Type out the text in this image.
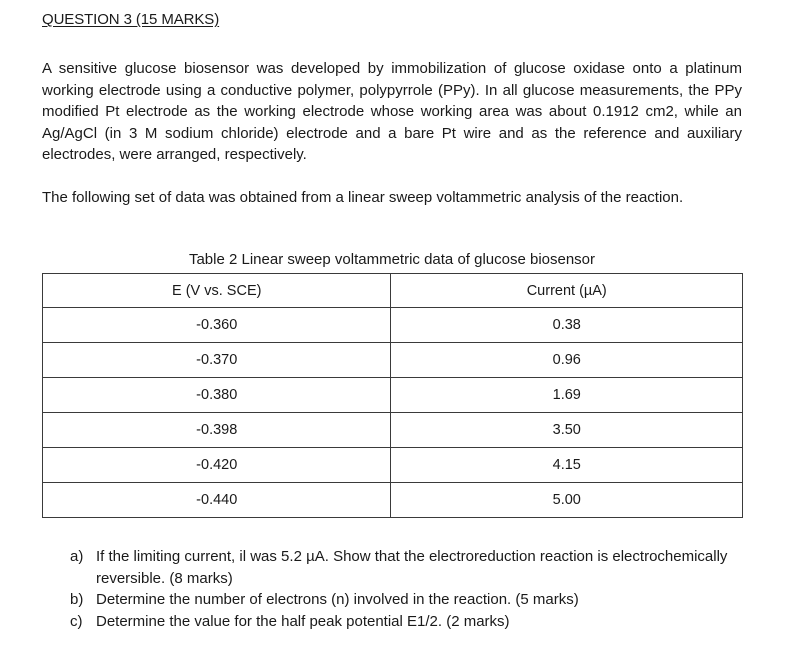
QUESTION 3 (15 MARKS)

A sensitive glucose biosensor was developed by immobilization of glucose oxidase onto a platinum working electrode using a conductive polymer, polypyrrole (PPy). In all glucose measurements, the PPy modified Pt electrode as the working electrode whose working area was about 0.1912 cm2, while an Ag/AgCl (in 3 M sodium chloride) electrode and a bare Pt wire and as the reference and auxiliary electrodes, were arranged, respectively.

The following set of data was obtained from a linear sweep voltammetric analysis of the reaction.

Table 2 Linear sweep voltammetric data of glucose biosensor
E (V vs. SCE)	Current (µA)
-0.360	0.38
-0.370	0.96
-0.380	1.69
-0.398	3.50
-0.420	4.15
-0.440	5.00
a) If the limiting current, il was 5.2 µA. Show that the electroreduction reaction is electrochemically reversible. (8 marks)
b) Determine the number of electrons (n) involved in the reaction. (5 marks)
c) Determine the value for the half peak potential E1/2. (2 marks)
